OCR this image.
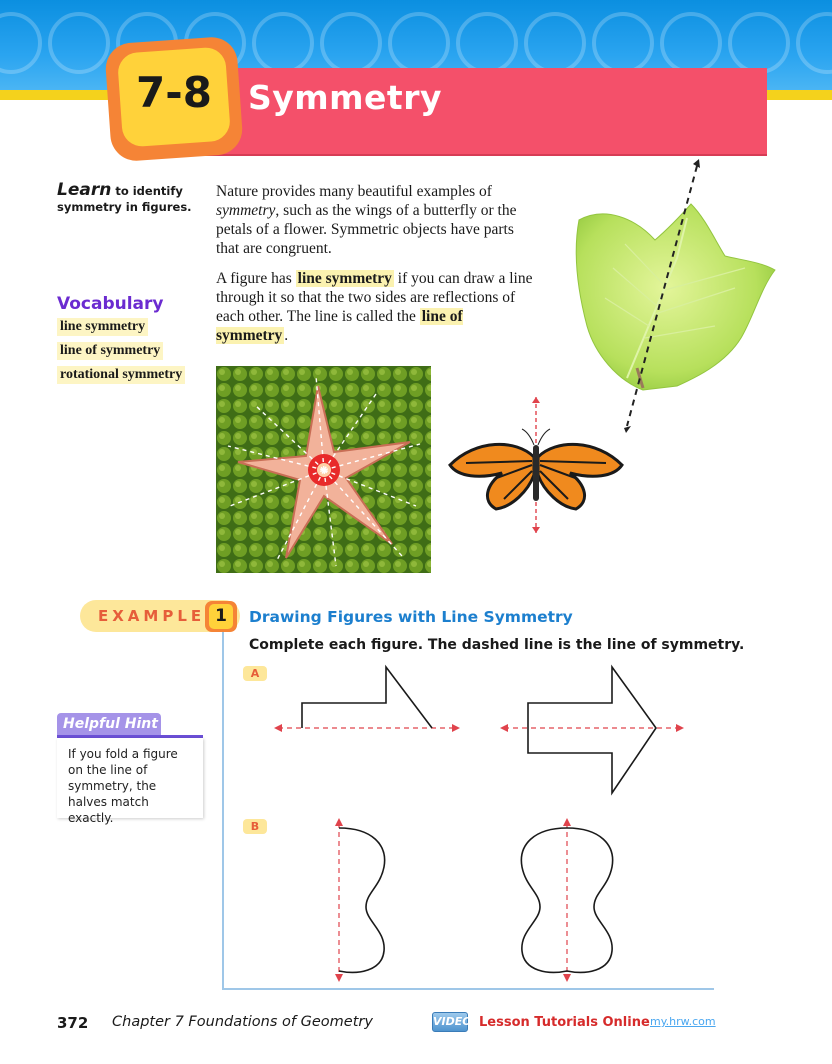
Symmetry
7-8
Learn to identify symmetry in figures.
Vocabulary
line symmetry
line of symmetry
rotational symmetry

Nature provides many beautiful examples of symmetry, such as the wings of a butterfly or the petals of a flower. Symmetric objects have parts that are congruent.

A figure has line symmetry if you can draw a line through it so that the two sides are reflections of each other. The line is called the line of symmetry .

EXAMPLE 1	Drawing Figures with Line Symmetry
Complete each figure. The dashed line is the line of symmetry.
A
B
Helpful Hint
If you fold a figure on the line of symmetry, the halves match exactly.
372 Chapter 7 Foundations of Geometry	VIDEO Lesson Tutorials Online my.hrw.com
